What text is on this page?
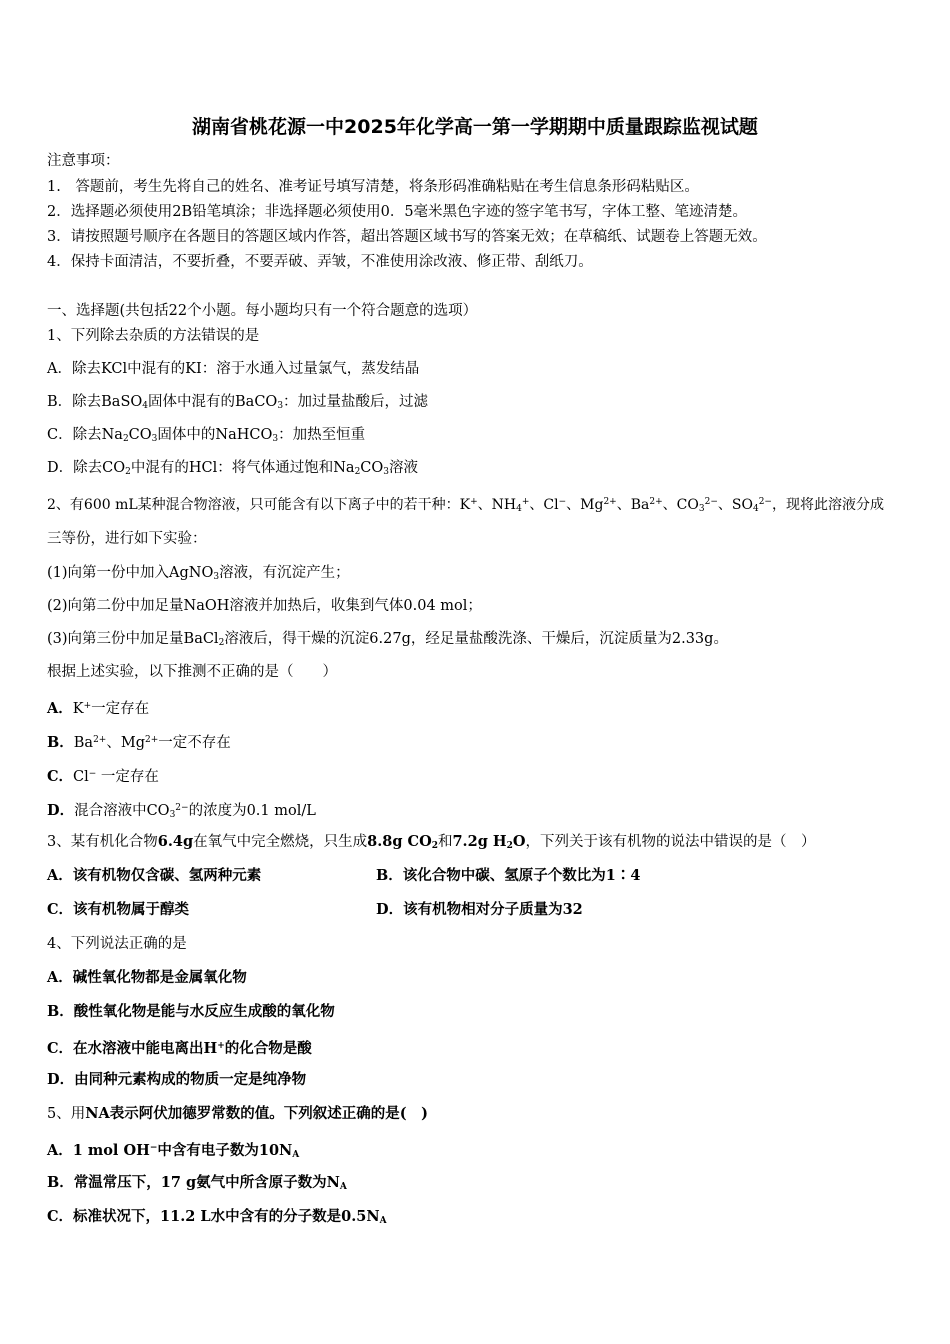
湖南省桃花源一中2025年化学高一第一学期期中质量跟踪监视试题
注意事项：
1.　答题前，考生先将自己的姓名、准考证号填写清楚，将条形码准确粘贴在考生信息条形码粘贴区。
2．选择题必须使用2B铅笔填涂；非选择题必须使用0．5毫米黑色字迹的签字笔书写，字体工整、笔迹清楚。
3．请按照题号顺序在各题目的答题区域内作答，超出答题区域书写的答案无效；在草稿纸、试题卷上答题无效。
4．保持卡面清洁，不要折叠，不要弄破、弄皱，不准使用涂改液、修正带、刮纸刀。
一、选择题(共包括22个小题。每小题均只有一个符合题意的选项）
1、下列除去杂质的方法错误的是
A．除去KCl中混有的KI：溶于水通入过量氯气，蒸发结晶
B．除去BaSO$_4$固体中混有的BaCO$_3$：加过量盐酸后，过滤
C．除去$Na_2CO_3$固体中的NaHCO$_3$：加热至恒重
D．除去$CO_2$中混有的HCl：将气体通过饱和$Na_2CO_3$溶液
2、有600 mL某种混合物溶液，只可能含有以下离子中的若干种：K+、$NH_4^+$、Cl−、$Mg^{2+}$、$Ba^{2+}$、$CO_3^{2-}$、$SO_4^{2-}$，现将此溶液分成
三等份，进行如下实验：
(1)向第一份中加入AgNO$_3$溶液，有沉淀产生；
(2)向第二份中加足量NaOH溶液并加热后，收集到气体0.04 mol；
(3)向第三份中加足量BaCl$_2$溶液后，得干燥的沉淀6.27g，经足量盐酸洗涤、干燥后，沉淀质量为2.33g。
根据上述实验，以下推测不正确的是（　　）
A．K+一定存在
B．$Ba^{2+}$、$Mg^{2+}$一定不存在
C．Cl− 一定存在
D．混合溶液中$CO_3^{2-}$的浓度为0.1 mol/L
3、某有机化合物6.4g在氧气中完全燃烧，只生成8.8g $CO_2$和7.2g $H_2O$，下列关于该有机物的说法中错误的是（　）
A．该有机物仅含碳、氢两种元素	B．该化合物中碳、氢原子个数比为1∶4
C．该有机物属于醇类	D．该有机物相对分子质量为32
4、下列说法正确的是
A．碱性氧化物都是金属氧化物
B．酸性氧化物是能与水反应生成酸的氧化物
C．在水溶液中能电离出H+的化合物是酸
D．由同种元素构成的物质一定是纯净物
5、用NA表示阿伏加德罗常数的值。下列叙述正确的是(　)
A．1 mol OH−中含有电子数为$10N_A$
B．常温常压下，17 g氨气中所含原子数为$N_A$
C．标准状况下，11.2 L水中含有的分子数是$0.5N_A$
